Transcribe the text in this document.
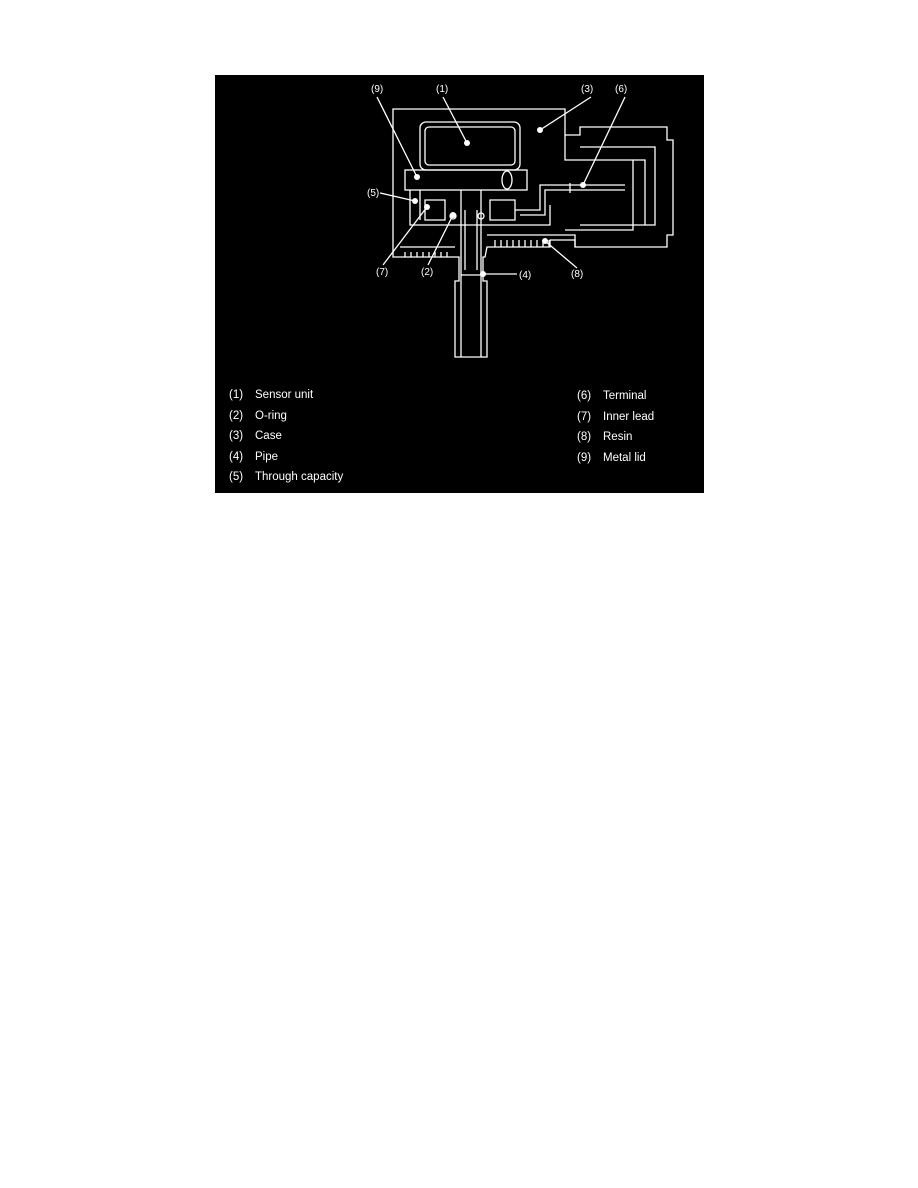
(9)	(1)	(3) (6)
(5)
(7)	(2)	(4)	(8)
(1)	Sensor unit
(2)	O-ring
(3)	Case
(4)	Pipe
(5)	Through capacity
(6)	Terminal
(7)	Inner lead
(8)	Resin
(9)	Metal lid
